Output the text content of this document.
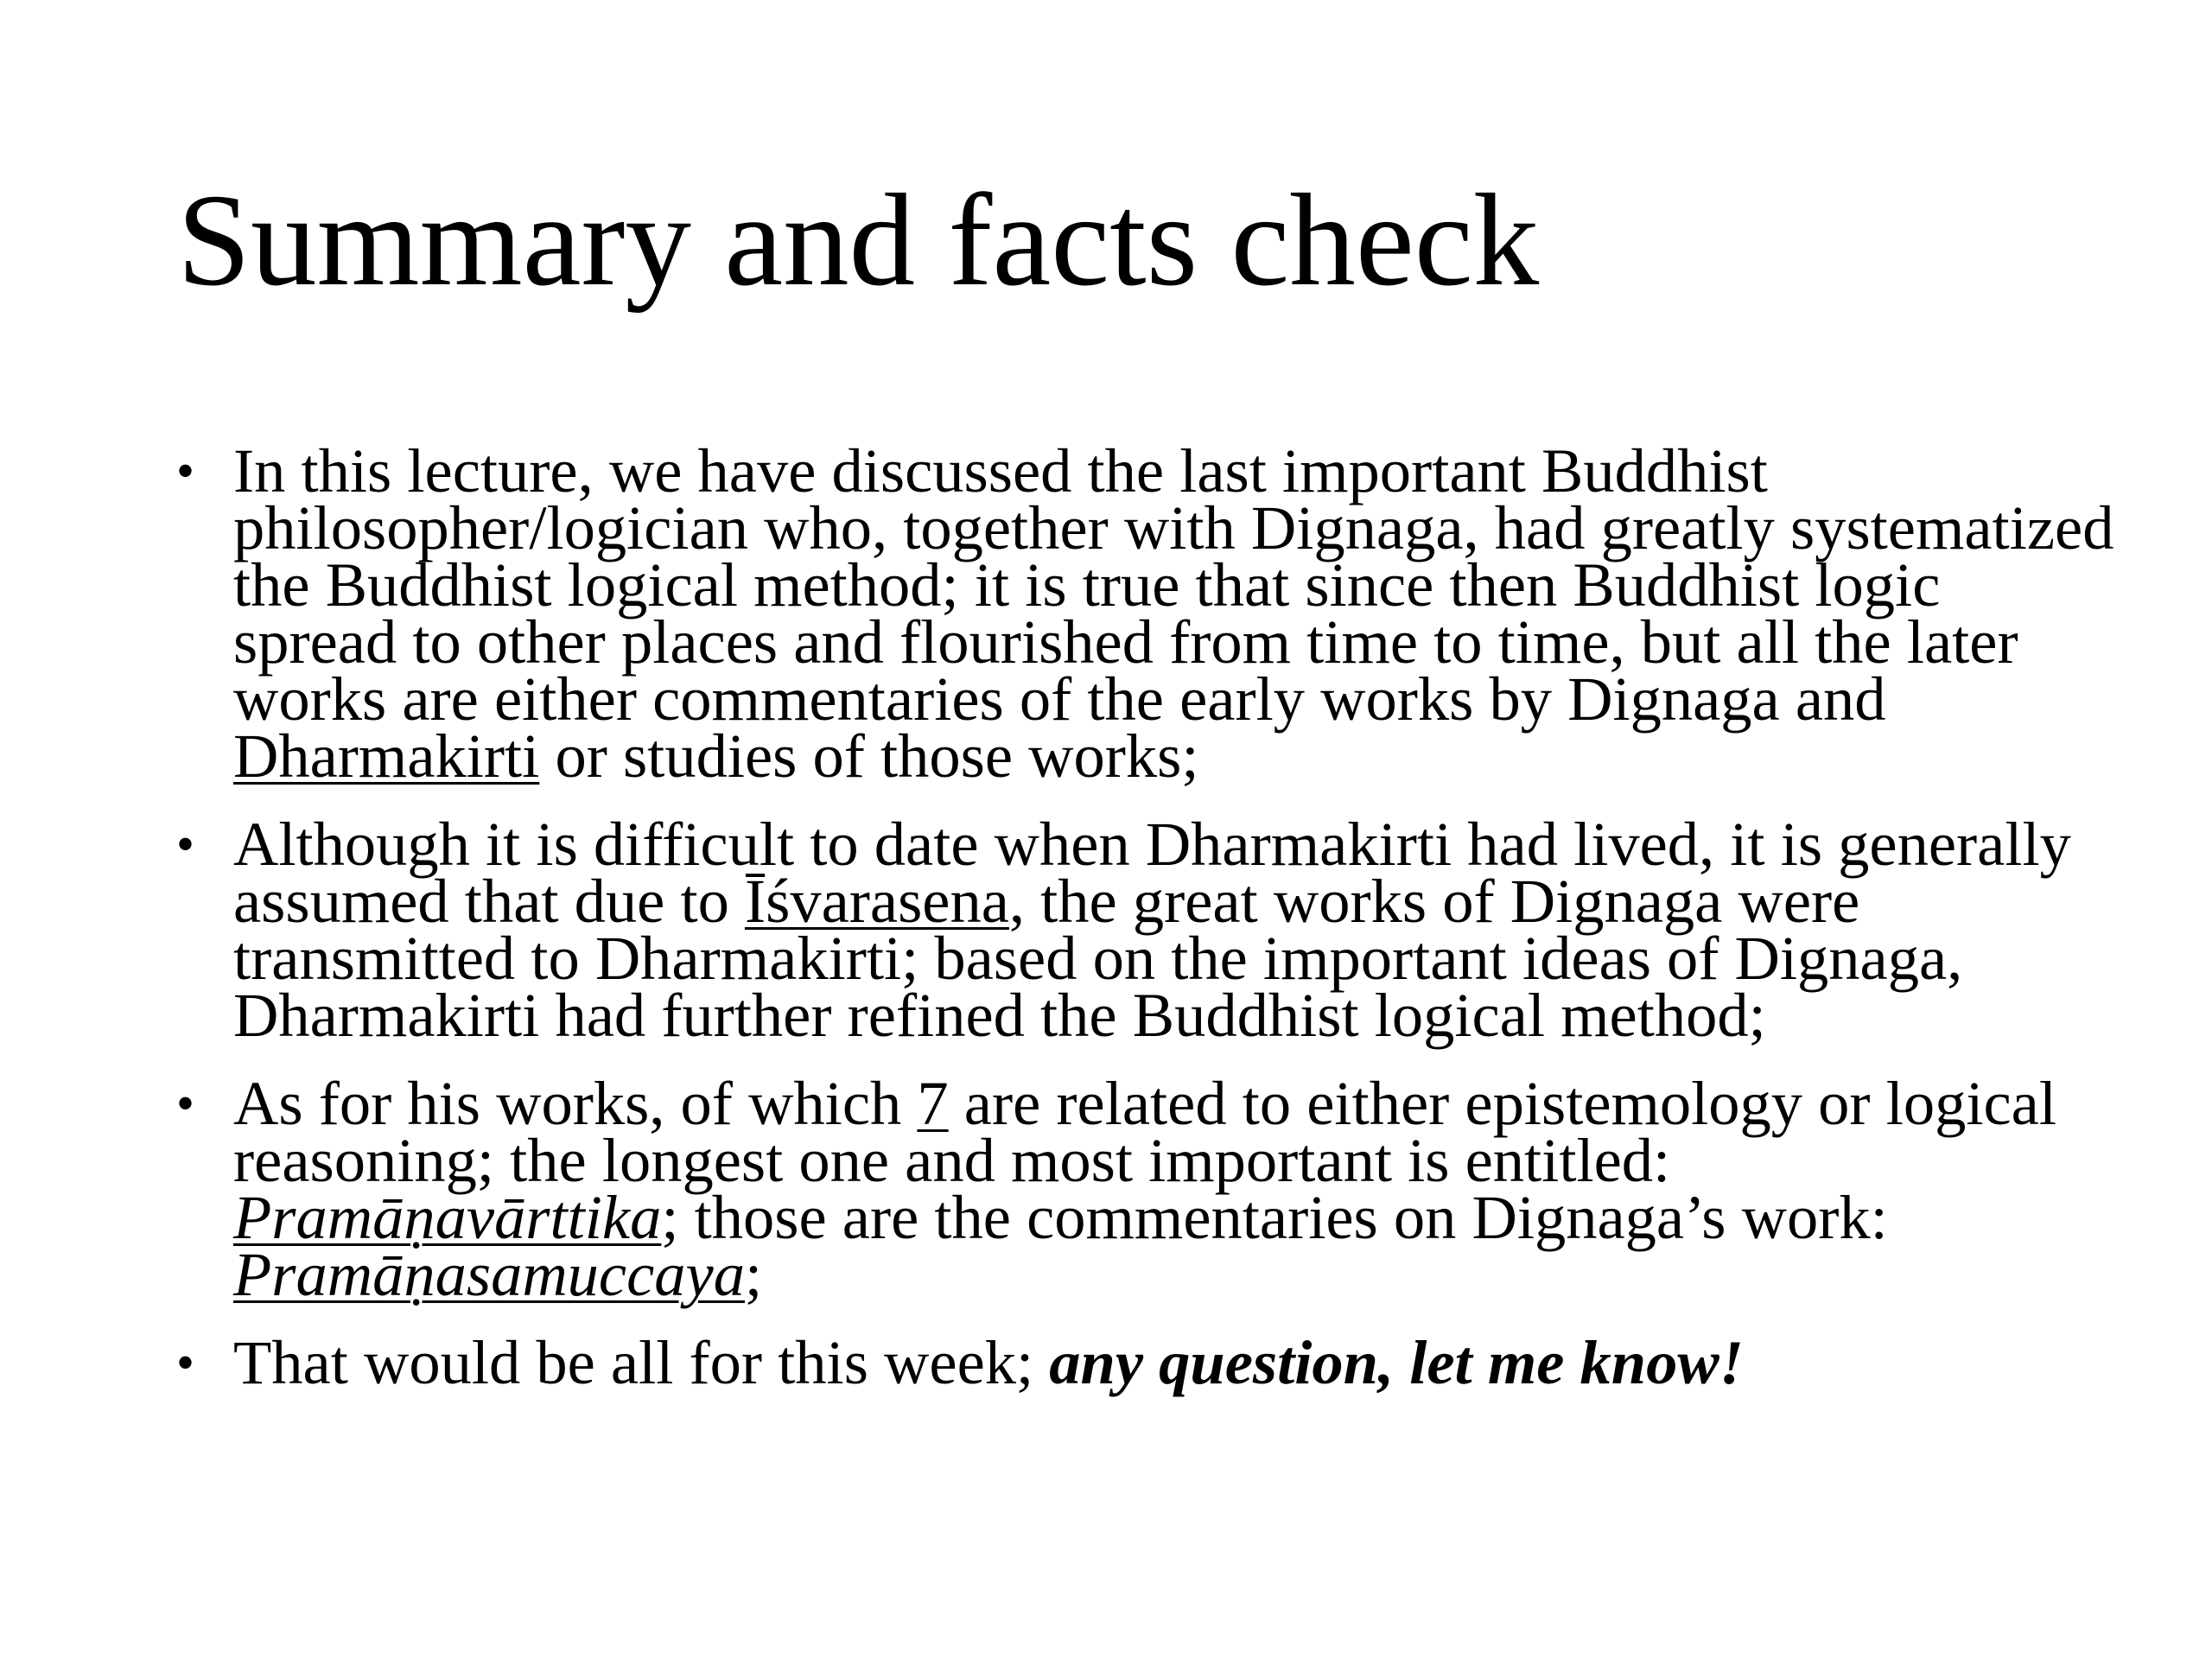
Summary and facts check
• In this lecture, we have discussed the last important Buddhist philosopher/logician who, together with Dignaga, had greatly systematized the Buddhist logical method; it is true that since then Buddhist logic spread to other places and flourished from time to time, but all the later works are either commentaries of the early works by Dignaga and Dharmakirti or studies of those works;
• Although it is difficult to date when Dharmakirti had lived, it is generally assumed that due to Īśvarasena, the great works of Dignaga were transmitted to Dharmakirti; based on the important ideas of Dignaga, Dharmakirti had further refined the Buddhist logical method;
• As for his works, of which 7 are related to either epistemology or logical reasoning; the longest one and most important is entitled: Pramāṇavārttika; those are the commentaries on Dignaga’s work: Pramāṇasamuccaya;
• That would be all for this week; any question, let me know!
